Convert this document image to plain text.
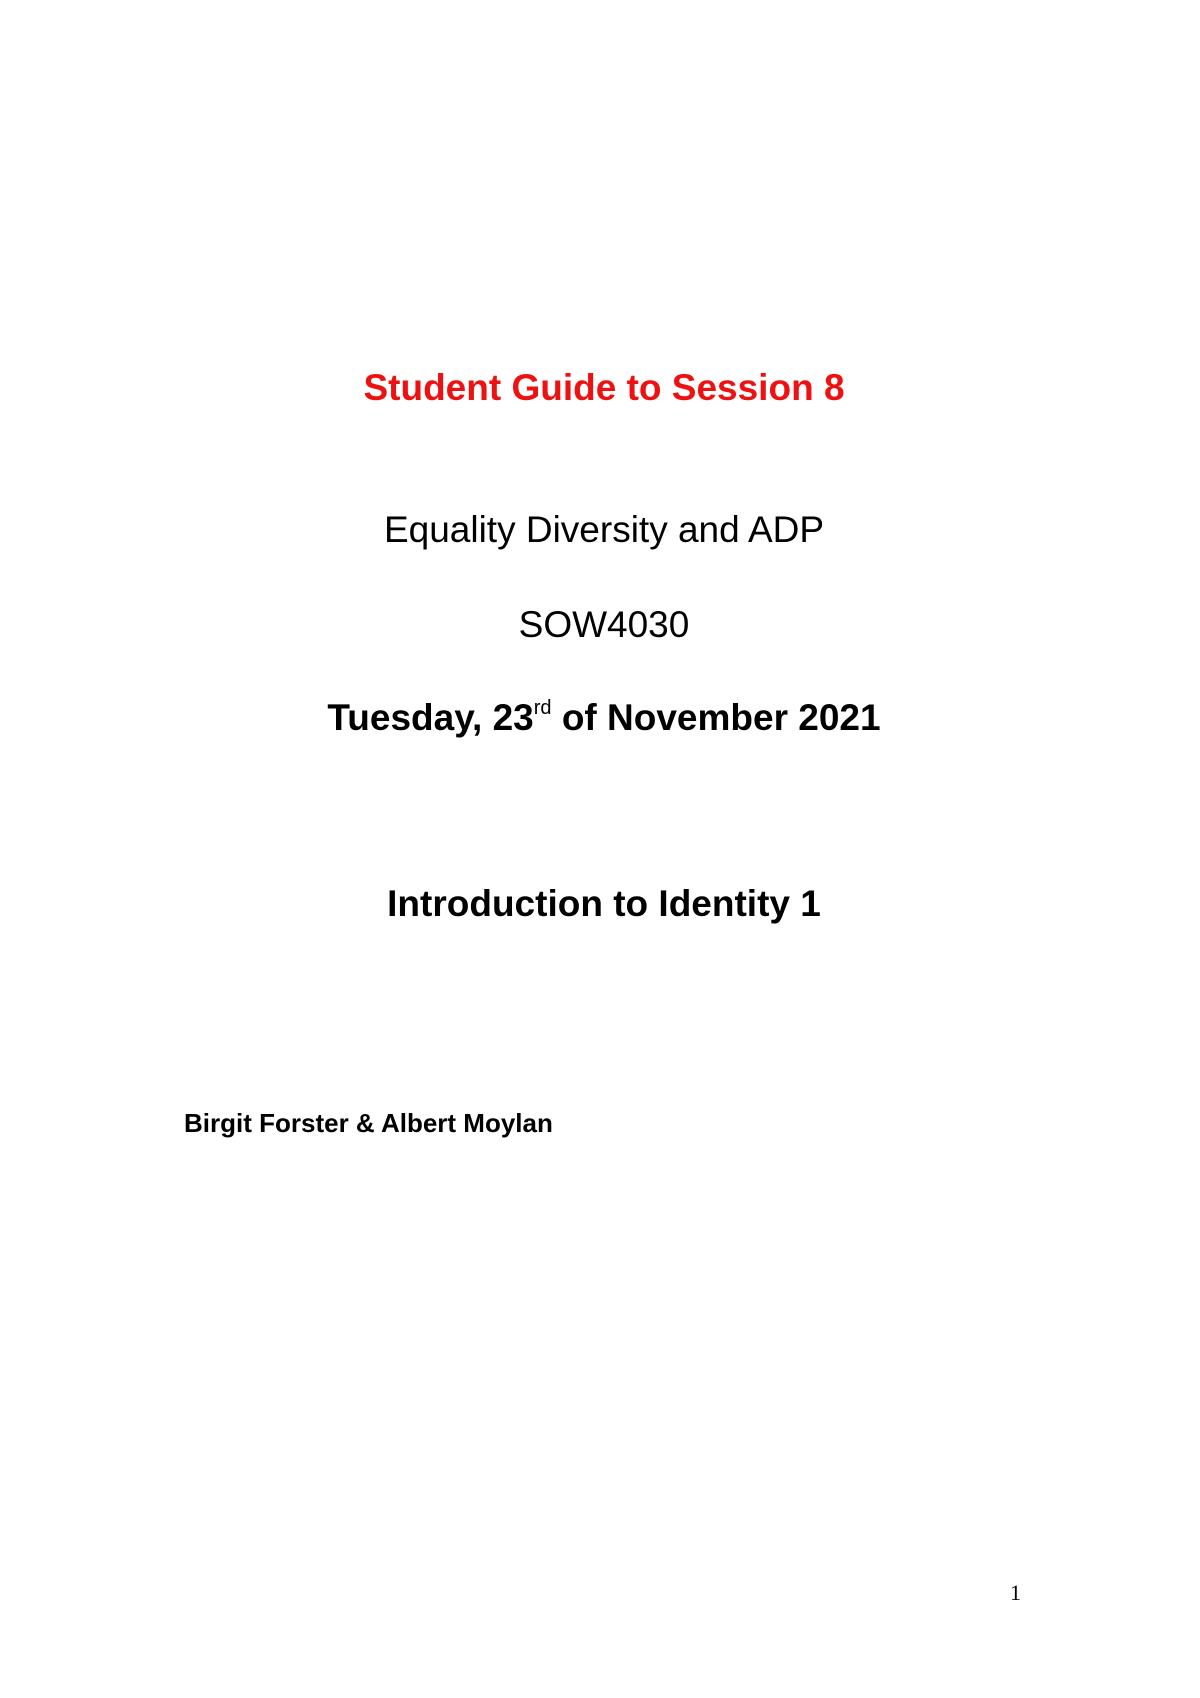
Student Guide to Session 8
Equality Diversity and ADP
SOW4030
Tuesday, 23rd of November 2021
Introduction to Identity 1
Birgit Forster & Albert Moylan
1
